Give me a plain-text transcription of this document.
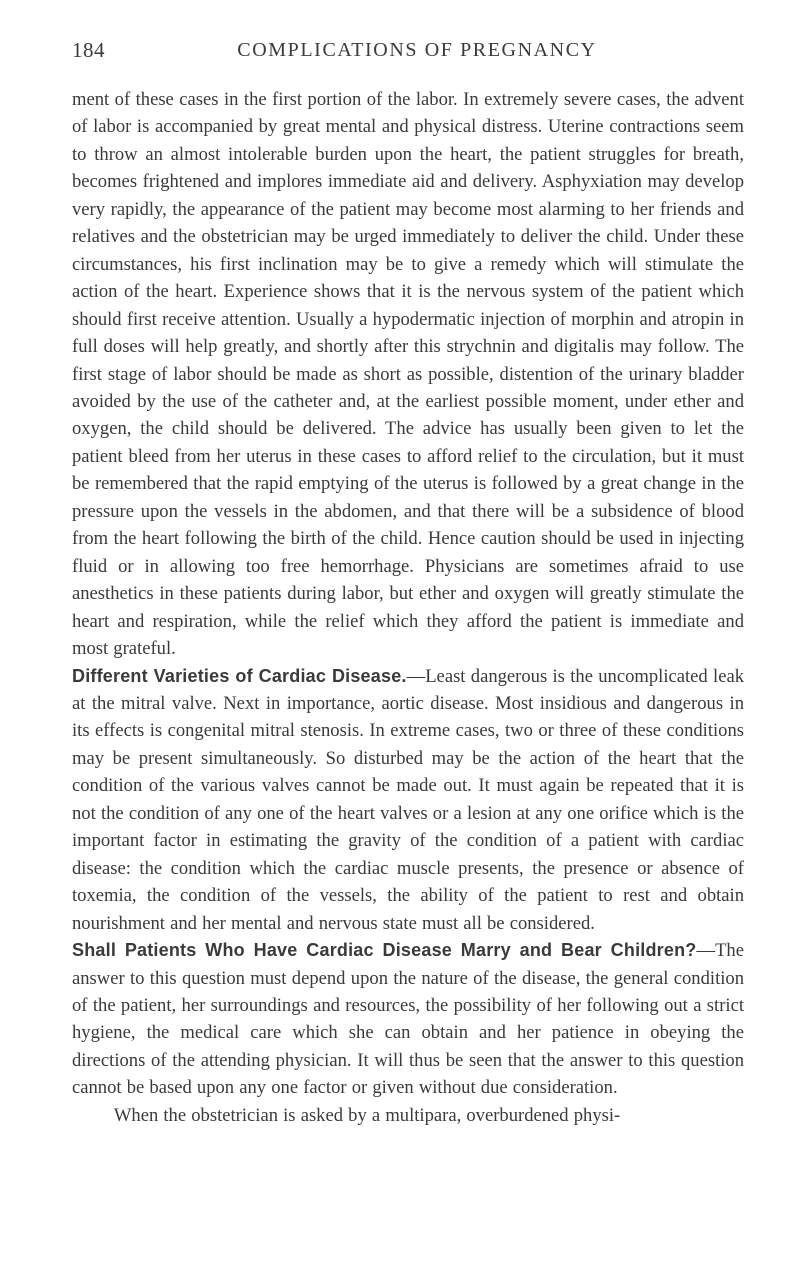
184	COMPLICATIONS OF PREGNANCY

ment of these cases in the first portion of the labor. In extremely severe cases, the advent of labor is accompanied by great mental and physical distress. Uterine contractions seem to throw an almost intolerable burden upon the heart, the patient struggles for breath, becomes frightened and implores immediate aid and delivery. Asphyxiation may develop very rapidly, the appearance of the patient may become most alarming to her friends and relatives and the obstetrician may be urged immediately to deliver the child. Under these circumstances, his first inclination may be to give a remedy which will stimulate the action of the heart. Experience shows that it is the nervous system of the patient which should first receive attention. Usually a hypodermatic injection of morphin and atropin in full doses will help greatly, and shortly after this strychnin and digitalis may follow. The first stage of labor should be made as short as possible, distention of the urinary bladder avoided by the use of the catheter and, at the earliest possible moment, under ether and oxygen, the child should be delivered. The advice has usually been given to let the patient bleed from her uterus in these cases to afford relief to the circulation, but it must be remembered that the rapid emptying of the uterus is followed by a great change in the pressure upon the vessels in the abdomen, and that there will be a subsidence of blood from the heart following the birth of the child. Hence caution should be used in injecting fluid or in allowing too free hemorrhage. Physicians are sometimes afraid to use anesthetics in these patients during labor, but ether and oxygen will greatly stimulate the heart and respiration, while the relief which they afford the patient is immediate and most grateful.

Different Varieties of Cardiac Disease.—Least dangerous is the uncomplicated leak at the mitral valve. Next in importance, aortic disease. Most insidious and dangerous in its effects is congenital mitral stenosis. In extreme cases, two or three of these conditions may be present simultaneously. So disturbed may be the action of the heart that the condition of the various valves cannot be made out. It must again be repeated that it is not the condition of any one of the heart valves or a lesion at any one orifice which is the important factor in estimating the gravity of the condition of a patient with cardiac disease: the condition which the cardiac muscle presents, the presence or absence of toxemia, the condition of the vessels, the ability of the patient to rest and obtain nourishment and her mental and nervous state must all be considered.

Shall Patients Who Have Cardiac Disease Marry and Bear Children?—The answer to this question must depend upon the nature of the disease, the general condition of the patient, her surroundings and resources, the possibility of her following out a strict hygiene, the medical care which she can obtain and her patience in obeying the directions of the attending physician. It will thus be seen that the answer to this question cannot be based upon any one factor or given without due consideration.

When the obstetrician is asked by a multipara, overburdened physi-
